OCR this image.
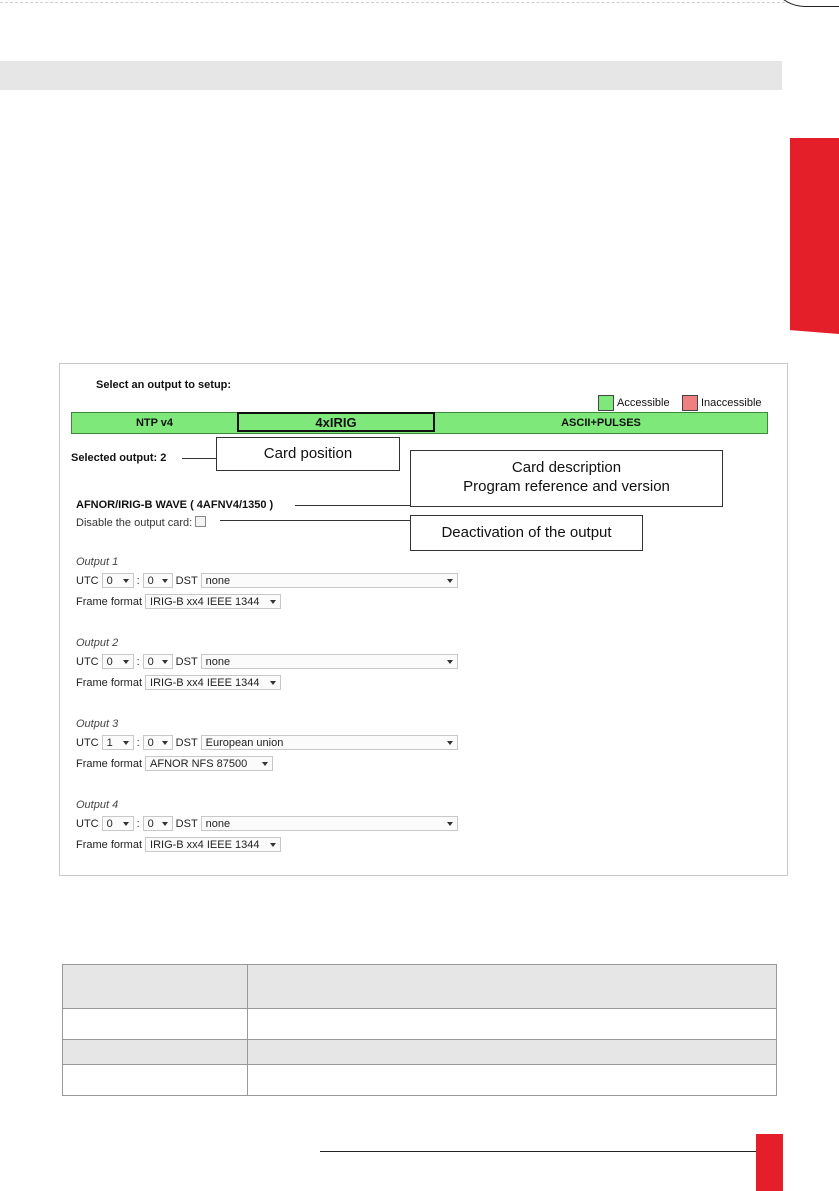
Select an output to setup:
Accessible	Inaccessible
NTP v4	4xIRIG	ASCII+PULSES
Selected output: 2	Card position
AFNOR/IRIG-B WAVE ( 4AFNV4/1350 )
Card description
Program reference and version
Disable the output card:
Deactivation of the output
Output 1
UTC 0 : 0 DST none
Frame format IRIG-B xx4 IEEE 1344
Output 2
UTC 0 : 0 DST none
Frame format IRIG-B xx4 IEEE 1344
Output 3
UTC 1 : 0 DST European union
Frame format AFNOR NFS 87500
Output 4
UTC 0 : 0 DST none
Frame format IRIG-B xx4 IEEE 1344
